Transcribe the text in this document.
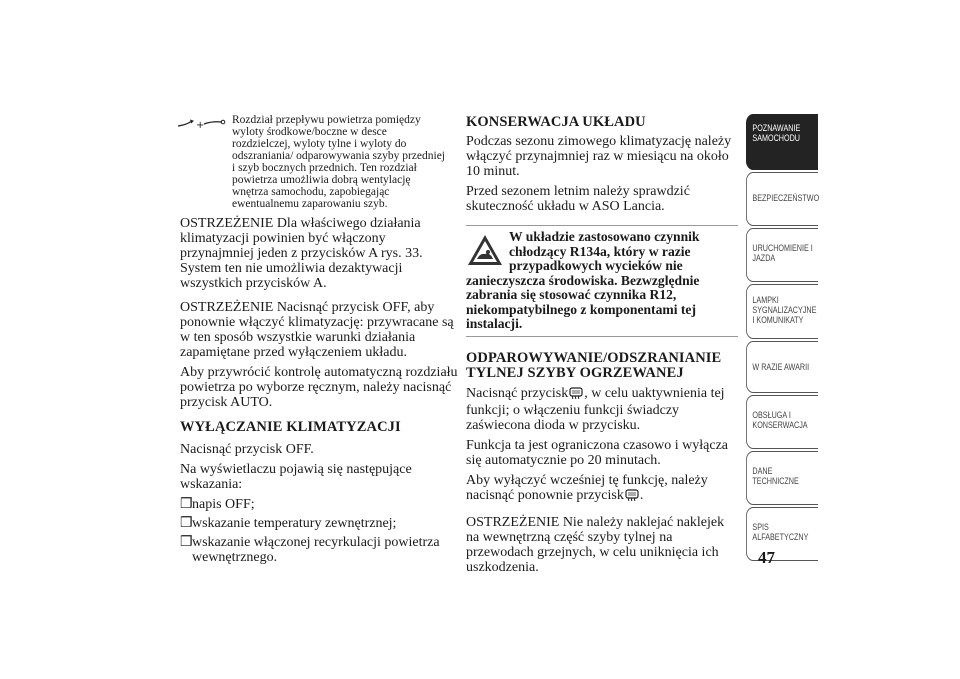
+ Rozdział przepływu powietrza pomiędzy wyloty środkowe/boczne w desce rozdzielczej, wyloty tylne i wyloty do odszraniania/ odparowywania szyby przedniej i szyb bocznych przednich. Ten rozdział powietrza umożliwia dobrą wentylację wnętrza samochodu, zapobiegając ewentualnemu zaparowaniu szyb.

OSTRZEŻENIE Dla właściwego działania klimatyzacji powinien być włączony przynajmniej jeden z przycisków A rys. 33. System ten nie umożliwia dezaktywacji wszystkich przycisków A.

OSTRZEŻENIE Nacisnąć przycisk OFF, aby ponownie włączyć klimatyzację: przywracane są w ten sposób wszystkie warunki działania zapamiętane przed wyłączeniem układu.

Aby przywrócić kontrolę automatyczną rozdziału powietrza po wyborze ręcznym, należy nacisnąć przycisk AUTO.

WYŁĄCZANIE KLIMATYZACJI

Nacisnąć przycisk OFF.

Na wyświetlaczu pojawią się następujące wskazania:

❒ napis OFF;
❒ wskazanie temperatury zewnętrznej;
❒ wskazanie włączonej recyrkulacji powietrza wewnętrznego.
KONSERWACJA UKŁADU

Podczas sezonu zimowego klimatyzację należy włączyć przynajmniej raz w miesiącu na około 10 minut.

Przed sezonem letnim należy sprawdzić skuteczność układu w ASO Lancia.

W układzie zastosowano czynnik chłodzący R134a, który w razie przypadkowych wycieków nie zanieczyszcza środowiska. Bezwzględnie zabrania się stosować czynnika R12, niekompatybilnego z komponentami tej instalacji.
ODPAROWYWANIE/ODSZRANIANIE TYLNEJ SZYBY OGRZEWANEJ

Nacisnąć przycisk , w celu uaktywnienia tej funkcji; o włączeniu funkcji świadczy zaświecona dioda w przycisku.

Funkcja ta jest ograniczona czasowo i wyłącza się automatycznie po 20 minutach.

Aby wyłączyć wcześniej tę funkcję, należy nacisnąć ponownie przycisk .

OSTRZEŻENIE Nie należy naklejać naklejek na wewnętrzną część szyby tylnej na przewodach grzejnych, w celu uniknięcia ich uszkodzenia.

POZNAWANIE SAMOCHODU
BEZPIECZEŃSTWO
URUCHOMIENIE I JAZDA
LAMPKI SYGNALIZACYJNE I KOMUNIKATY
W RAZIE AWARII
OBSŁUGA I KONSERWACJA
DANE TECHNICZNE
SPIS ALFABETYCZNY
47
